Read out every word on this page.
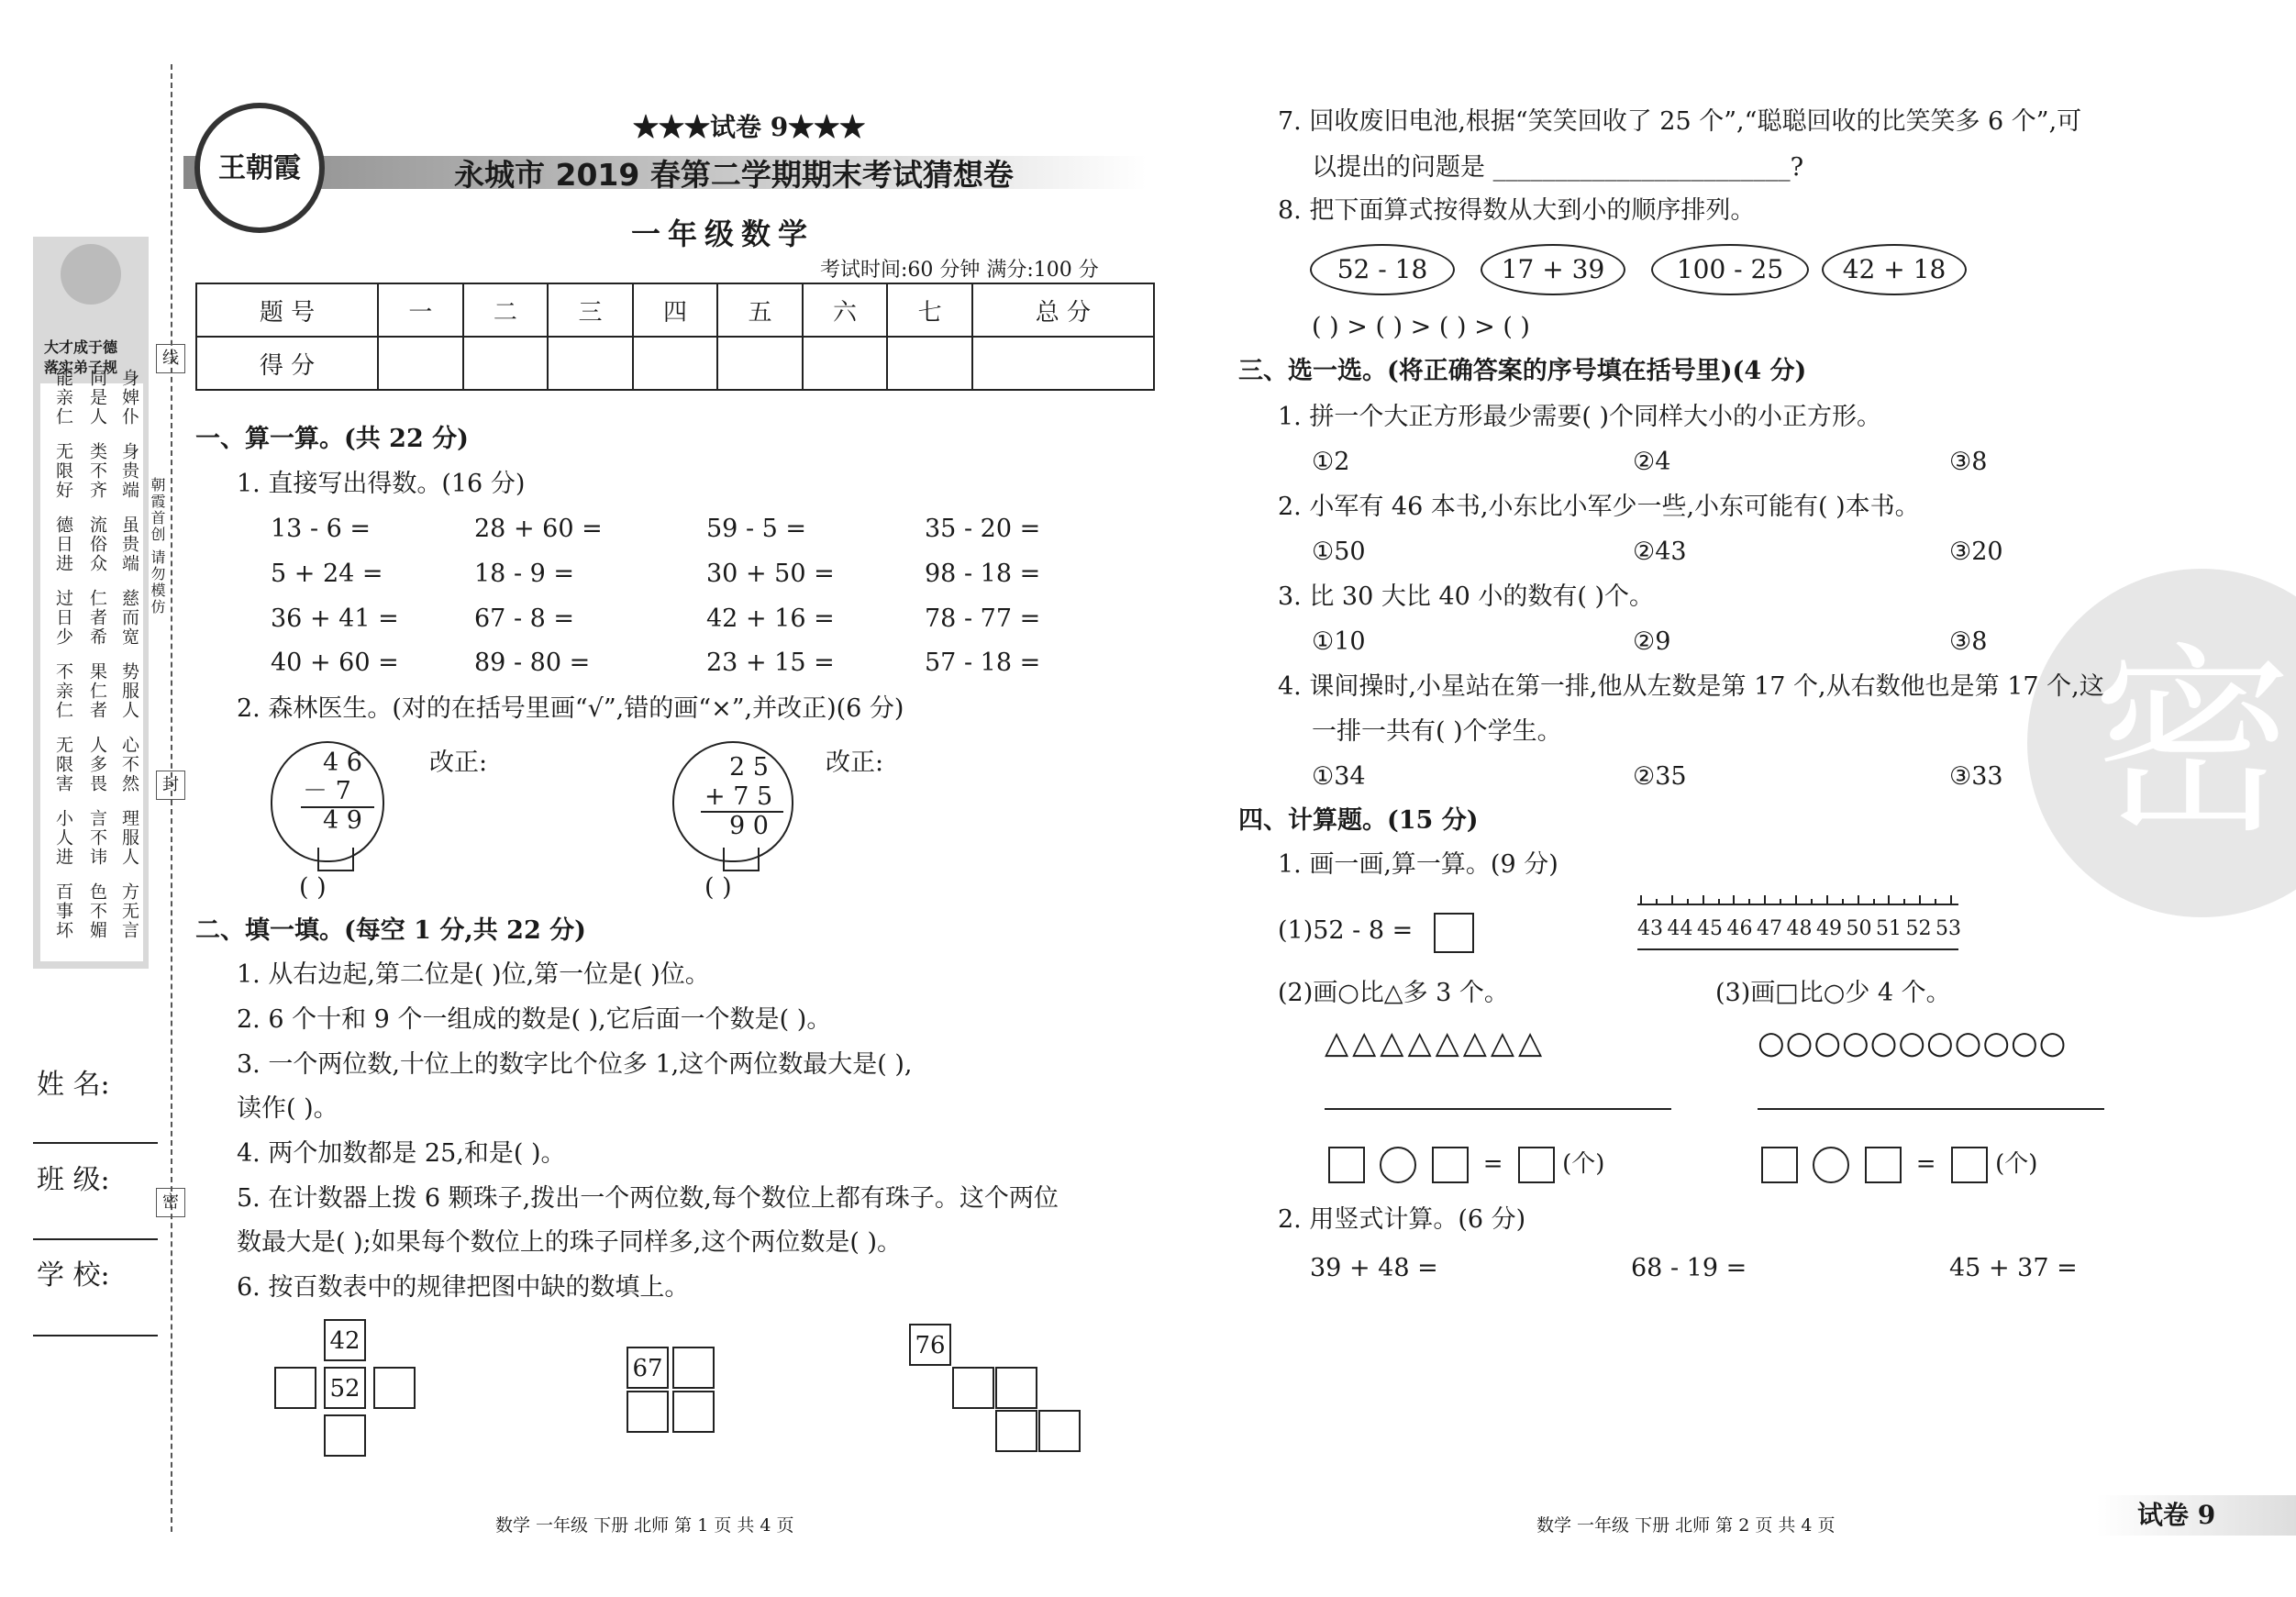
大才成于德
落实弟子规
能亲仁
无限好
德日进
过日少
不亲仁
无限害
小人进
百事坏
同是人
类不齐
流俗众
仁者希
果仁者
人多畏
言不讳
色不媚
身婢仆
身贵端
虽贵端
慈而宽
势服人
心不然
理服人
方无言
线
封
密
朝霞首创 请勿模仿
姓 名:
班 级:
学 校:
王朝霞
★★★试卷 9★★★
永城市 2019 春第二学期期末考试猜想卷
一年级数学
考试时间:60 分钟 满分:100 分
题 号	一	二	三	四	五	六	七	总 分
得 分								
一、算一算。(共 22 分)
1. 直接写出得数。(16 分)
13 - 6 =	28 + 60 =	59 - 5 =	35 - 20 =
5 + 24 =	18 - 9 =	30 + 50 =	98 - 18 =
36 + 41 =	67 - 8 =	42 + 16 =	78 - 77 =
40 + 60 =	89 - 80 =	23 + 15 =	57 - 18 =
2. 森林医生。(对的在括号里画“√”,错的画“×”,并改正)(6 分)
4 6
－ 7
4 9
改正:
( )
2 5
+ 7 5
9 0
改正:
( )
二、填一填。(每空 1 分,共 22 分)
1. 从右边起,第二位是( )位,第一位是( )位。
2. 6 个十和 9 个一组成的数是( ),它后面一个数是( )。
3. 一个两位数,十位上的数字比个位多 1,这个两位数最大是( ),
读作( )。
4. 两个加数都是 25,和是( )。
5. 在计数器上拨 6 颗珠子,拨出一个两位数,每个数位上都有珠子。这个两位
数最大是( );如果每个数位上的珠子同样多,这个两位数是( )。
6. 按百数表中的规律把图中缺的数填上。
42
52
67
76
数学 一年级 下册 北师 第 1 页 共 4 页
密
7. 回收废旧电池,根据“笑笑回收了 25 个”,“聪聪回收的比笑笑多 6 个”,可
以提出的问题是 ________________________?
8. 把下面算式按得数从大到小的顺序排列。
52 - 18	17 + 39	100 - 25	42 + 18
( ) > ( ) > ( ) > ( )
三、选一选。(将正确答案的序号填在括号里)(4 分)
1. 拼一个大正方形最少需要( )个同样大小的小正方形。
①2	②4	③8
2. 小军有 46 本书,小东比小军少一些,小东可能有( )本书。
①50	②43	③20
3. 比 30 大比 40 小的数有( )个。
①10	②9	③8
4. 课间操时,小星站在第一排,他从左数是第 17 个,从右数他也是第 17 个,这
一排一共有( )个学生。
①34	②35	③33
四、计算题。(15 分)
1. 画一画,算一算。(9 分)
(1)52 - 8 =	43 44 45 46 47 48 49 50 51 52 53
(2)画○比△多 3 个。	(3)画□比○少 4 个。
△△△△△△△△	○○○○○○○○○○○
= (个)	= (个)
2. 用竖式计算。(6 分)
39 + 48 =	68 - 19 =	45 + 37 =
数学 一年级 下册 北师 第 2 页 共 4 页	试卷 9
